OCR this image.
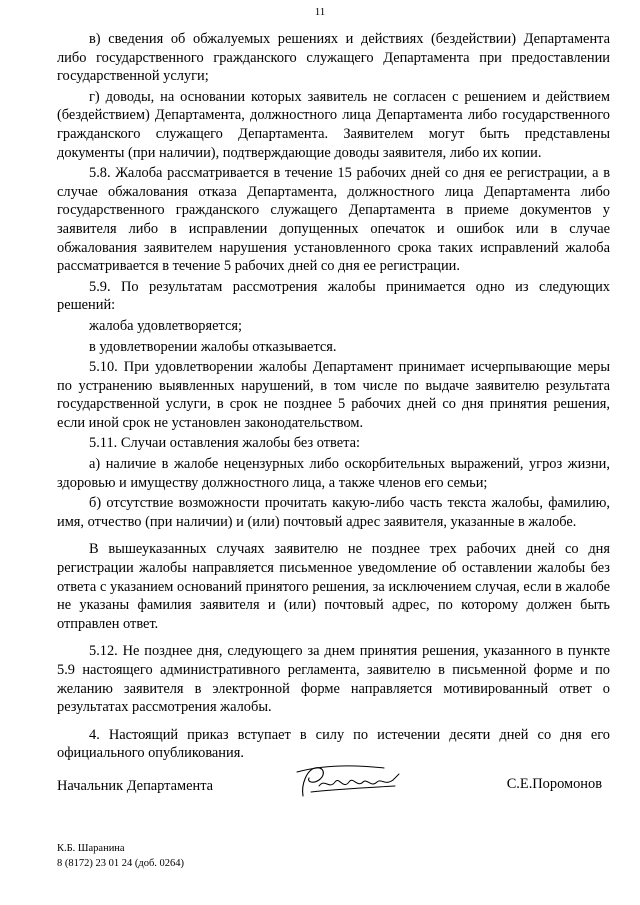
11

в) сведения об обжалуемых решениях и действиях (бездействии) Департамента либо государственного гражданского служащего Департамента при предоставлении государственной услуги;

г) доводы, на основании которых заявитель не согласен с решением и действием (бездействием) Департамента, должностного лица Департамента либо государственного гражданского служащего Департамента. Заявителем могут быть представлены документы (при наличии), подтверждающие доводы заявителя, либо их копии.

5.8. Жалоба рассматривается в течение 15 рабочих дней со дня ее регистрации, а в случае обжалования отказа Департамента, должностного лица Департамента либо государственного гражданского служащего Департамента в приеме документов у заявителя либо в исправлении допущенных опечаток и ошибок или в случае обжалования заявителем нарушения установленного срока таких исправлений жалоба рассматривается в течение 5 рабочих дней со дня ее регистрации.

5.9. По результатам рассмотрения жалобы принимается одно из следующих решений:

жалоба удовлетворяется;

в удовлетворении жалобы отказывается.

5.10. При удовлетворении жалобы Департамент принимает исчерпывающие меры по устранению выявленных нарушений, в том числе по выдаче заявителю результата государственной услуги, в срок не позднее 5 рабочих дней со дня принятия решения, если иной срок не установлен законодательством.

5.11. Случаи оставления жалобы без ответа:

а) наличие в жалобе нецензурных либо оскорбительных выражений, угроз жизни, здоровью и имуществу должностного лица, а также членов его семьи;

б) отсутствие возможности прочитать какую-либо часть текста жалобы, фамилию, имя, отчество (при наличии) и (или) почтовый адрес заявителя, указанные в жалобе.

В вышеуказанных случаях заявителю не позднее трех рабочих дней со дня регистрации жалобы направляется письменное уведомление об оставлении жалобы без ответа с указанием оснований принятого решения, за исключением случая, если в жалобе не указаны фамилия заявителя и (или) почтовый адрес, по которому должен быть отправлен ответ.

5.12. Не позднее дня, следующего за днем принятия решения, указанного в пункте 5.9 настоящего административного регламента, заявителю в письменной форме и по желанию заявителя в электронной форме направляется мотивированный ответ о результатах рассмотрения жалобы.

4. Настоящий приказ вступает в силу по истечении десяти дней со дня его официального опубликования.

Начальник Департамента	С.Е.Поромонов
К.Б. Шаранина
8 (8172) 23 01 24 (доб. 0264)
